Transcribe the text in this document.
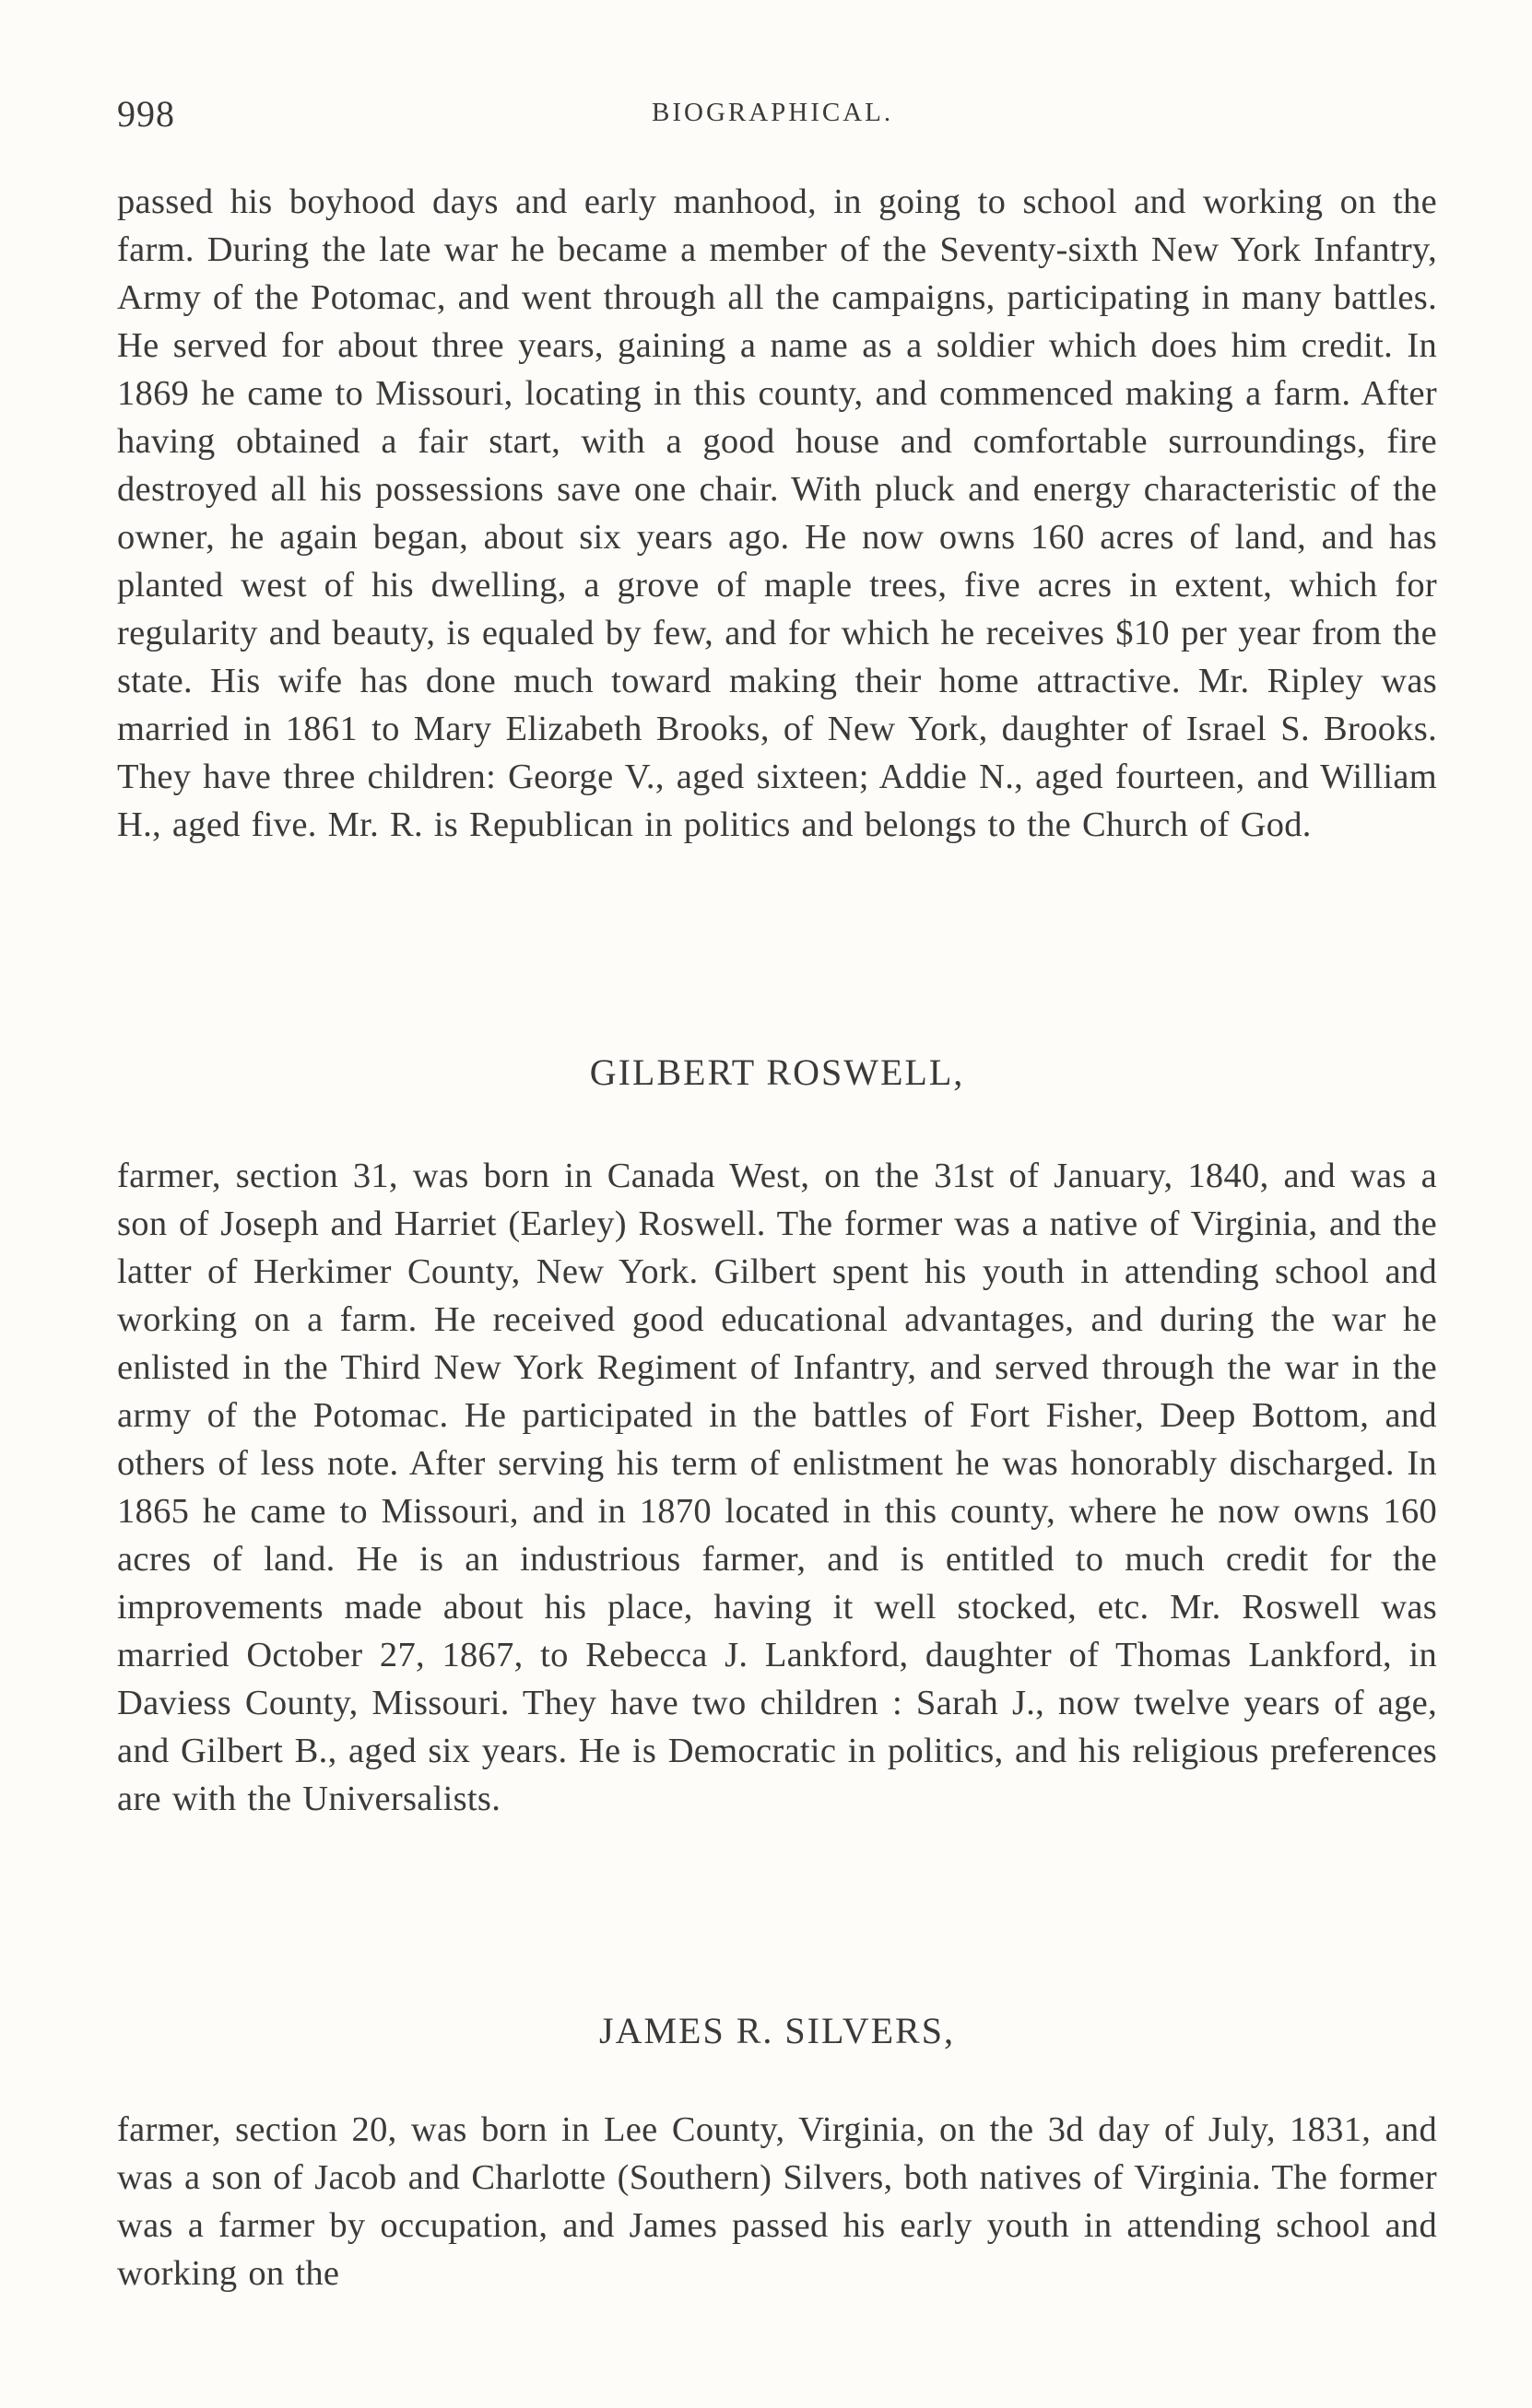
998	BIOGRAPHICAL.

passed his boyhood days and early manhood, in going to school and working on the farm. During the late war he became a member of the Seventy-sixth New York Infantry, Army of the Potomac, and went through all the campaigns, participating in many battles. He served for about three years, gaining a name as a soldier which does him credit. In 1869 he came to Missouri, locating in this county, and commenced making a farm. After having obtained a fair start, with a good house and comfortable surroundings, fire destroyed all his possessions save one chair. With pluck and energy characteristic of the owner, he again began, about six years ago. He now owns 160 acres of land, and has planted west of his dwelling, a grove of maple trees, five acres in extent, which for regularity and beauty, is equaled by few, and for which he receives $10 per year from the state. His wife has done much toward making their home attractive. Mr. Ripley was married in 1861 to Mary Elizabeth Brooks, of New York, daughter of Israel S. Brooks. They have three children: George V., aged sixteen; Addie N., aged fourteen, and William H., aged five. Mr. R. is Republican in politics and belongs to the Church of God.

GILBERT ROSWELL,

farmer, section 31, was born in Canada West, on the 31st of January, 1840, and was a son of Joseph and Harriet (Earley) Roswell. The former was a native of Virginia, and the latter of Herkimer County, New York. Gilbert spent his youth in attending school and working on a farm. He received good educational advantages, and during the war he enlisted in the Third New York Regiment of Infantry, and served through the war in the army of the Potomac. He participated in the battles of Fort Fisher, Deep Bottom, and others of less note. After serving his term of enlistment he was honorably discharged. In 1865 he came to Missouri, and in 1870 located in this county, where he now owns 160 acres of land. He is an industrious farmer, and is entitled to much credit for the improvements made about his place, having it well stocked, etc. Mr. Roswell was married October 27, 1867, to Rebecca J. Lankford, daughter of Thomas Lankford, in Daviess County, Missouri. They have two children : Sarah J., now twelve years of age, and Gilbert B., aged six years. He is Democratic in politics, and his religious preferences are with the Universalists.

JAMES R. SILVERS,

farmer, section 20, was born in Lee County, Virginia, on the 3d day of July, 1831, and was a son of Jacob and Charlotte (Southern) Silvers, both natives of Virginia. The former was a farmer by occupation, and James passed his early youth in attending school and working on the
